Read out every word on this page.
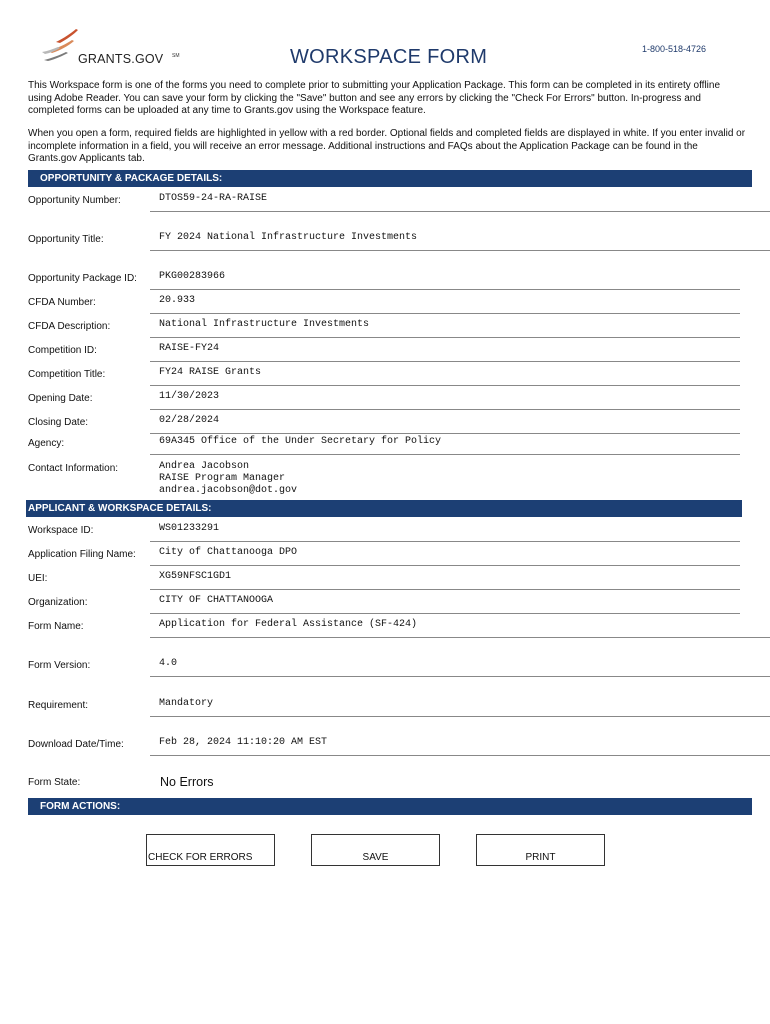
GRANTS.GOV SM
1-800-518-4726
WORKSPACE FORM
This Workspace form is one of the forms you need to complete prior to submitting your Application Package. This form can be completed in its entirety offline using Adobe Reader. You can save your form by clicking the "Save" button and see any errors by clicking the "Check For Errors" button. In-progress and completed forms can be uploaded at any time to Grants.gov using the Workspace feature.
When you open a form, required fields are highlighted in yellow with a red border. Optional fields and completed fields are displayed in white. If you enter invalid or incomplete information in a field, you will receive an error message. Additional instructions and FAQs about the Application Package can be found in the Grants.gov Applicants tab.
OPPORTUNITY & PACKAGE DETAILS:
Opportunity Number:	DTOS59-24-RA-RAISE
Opportunity Title:	FY 2024 National Infrastructure Investments
Opportunity Package ID: PKG00283966
CFDA Number:	20.933
CFDA Description:	National Infrastructure Investments
Competition ID:	RAISE-FY24
Competition Title:	FY24 RAISE Grants
Opening Date:	11/30/2023
Closing Date:	02/28/2024
Agency:	69A345 Office of the Under Secretary for Policy
Contact Information:	Andrea Jacobson
RAISE Program Manager
andrea.jacobson@dot.gov
APPLICANT & WORKSPACE DETAILS:
Workspace ID:	WS01233291
Application Filing Name: City of Chattanooga DPO
UEI:	XG59NFSC1GD1
Organization:	CITY OF CHATTANOOGA
Form Name:	Application for Federal Assistance (SF-424)
Form Version:	4.0
Requirement:	Mandatory
Download Date/Time:	Feb 28, 2024 11:10:20 AM EST
Form State:	No Errors
FORM ACTIONS:
CHECK FOR ERRORS	SAVE	PRINT
